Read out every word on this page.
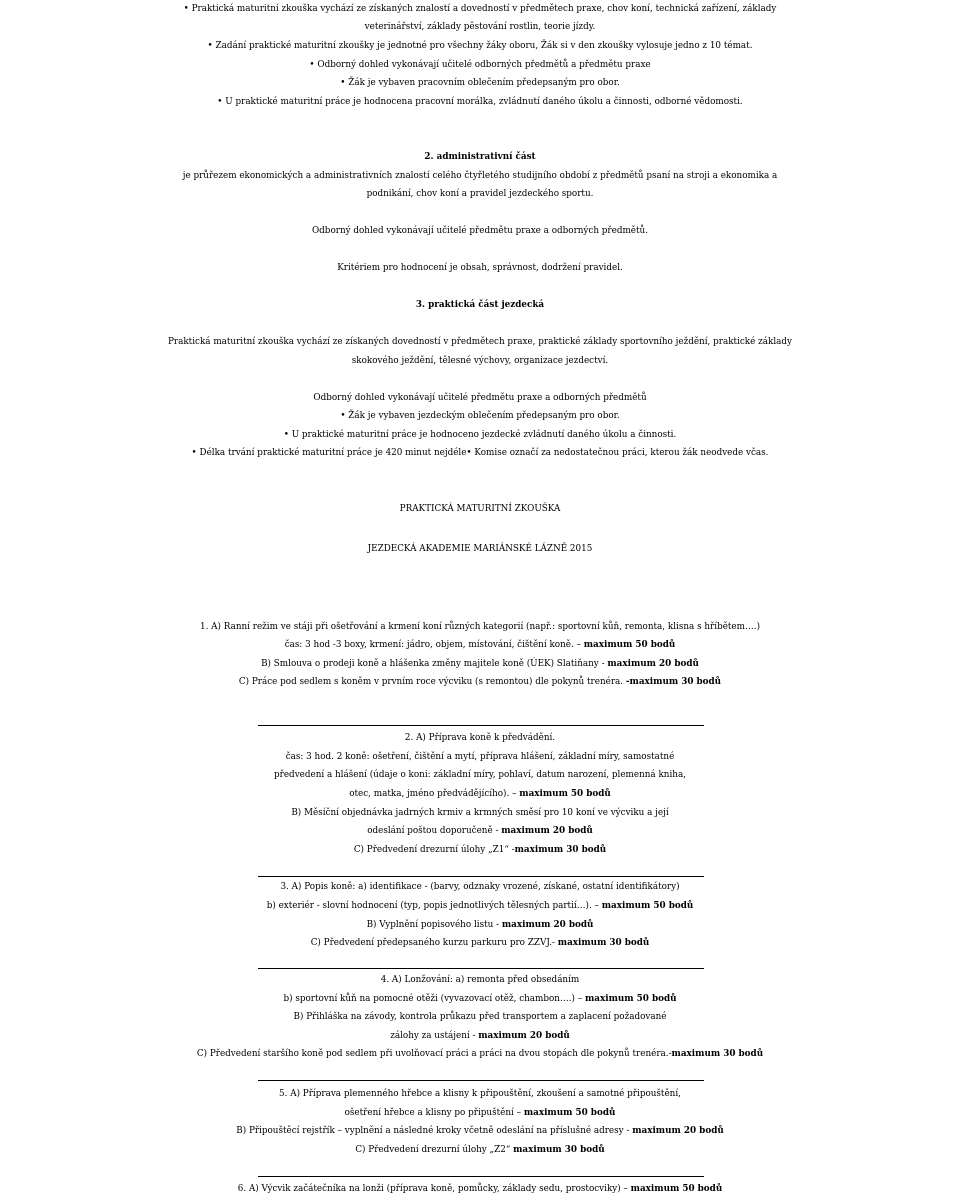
• Praktická maturitní zkouška vychází ze získaných znalostí a dovedností v předmětech praxe, chov koní, technická zařízení, základy
veterinářství, základy pěstování rostlin, teorie jízdy.
• Zadání praktické maturitní zkoušky je jednotné pro všechny žáky oboru, Žák si v den zkoušky vylosuje jedno z 10 témat.
• Odborný dohled vykonávají učitelé odborných předmětů a předmětu praxe
• Žák je vybaven pracovním oblečením předepsaným pro obor.
• U praktické maturitní práce je hodnocena pracovní morálka, zvládnutí daného úkolu a činnosti, odborné vědomosti.
2. administrativní část
je průřezem ekonomických a administrativních znalostí celého čtyřletého studijního období z předmětů psaní na stroji a ekonomika a
podnikání, chov koní a pravidel jezdeckého sportu.
Odborný dohled vykonávají učitelé předmětu praxe a odborných předmětů.
Kritériem pro hodnocení je obsah, správnost, dodržení pravidel.
3. praktická část jezdecká
Praktická maturitní zkouška vychází ze získaných dovedností v předmětech praxe, praktické základy sportovního ježdění, praktické základy
skokového ježdění, tělesné výchovy, organizace jezdectví.
Odborný dohled vykonávají učitelé předmětu praxe a odborných předmětů
• Žák je vybaven jezdeckým oblečením předepsaným pro obor.
• U praktické maturitní práce je hodnoceno jezdecké zvládnutí daného úkolu a činnosti.
• Délka trvání praktické maturitní práce je 420 minut nejdéle• Komise označí za nedostatečnou práci, kterou žák neodvede včas.
PRAKTICKÁ MATURITNÍ ZKOUŠKA
JEZDECKÁ AKADEMIE MARIÁNSKÉ LÁZNĚ 2015
1. A) Ranní režim ve stáji při ošetřování a krmení koní různých kategorií (např.: sportovní kůň, remonta, klisna s hříbětem….)
čas: 3 hod -3 boxy, krmení: jádro, objem, místování, čištění koně. – maximum 50 bodů
B) Smlouva o prodeji koně a hlášenka změny majitele koně (ÚEK) Slatiňany - maximum 20 bodů
C) Práce pod sedlem s koněm v prvním roce výcviku (s remontou) dle pokynů trenéra. -maximum 30 bodů
2. A) Příprava koně k předvádění.
čas: 3 hod. 2 koně: ošetření, čištění a mytí, příprava hlášení, základní míry, samostatné
předvedení a hlášení (údaje o koni: základní míry, pohlaví, datum narození, plemenná kniha,
otec, matka, jméno předvádějícího). – maximum 50 bodů
B) Měsíční objednávka jadrných krmiv a krmných směsí pro 10 koní ve výcviku a její
odeslání poštou doporučeně - maximum 20 bodů
C) Předvedení drezurní úlohy „Z1“ -maximum 30 bodů
3. A) Popis koně: a) identifikace - (barvy, odznaky vrozené, získané, ostatní identifikátory)
b) exteriér - slovní hodnocení (typ, popis jednotlivých tělesných partií…). – maximum 50 bodů
B) Vyplnění popisového listu - maximum 20 bodů
C) Předvedení předepsaného kurzu parkuru pro ZZVJ.- maximum 30 bodů
4. A) Lonžování: a) remonta před obsedáním
b) sportovní kůň na pomocné otěži (vyvazovací otěž, chambon….) – maximum 50 bodů
B) Přihláška na závody, kontrola průkazu před transportem a zaplacení požadované
zálohy za ustájení - maximum 20 bodů
C) Předvedení staršího koně pod sedlem při uvolňovací práci a práci na dvou stopách dle pokynů trenéra.-maximum 30 bodů
5. A) Příprava plemenného hřebce a klisny k připouštění, zkoušení a samotné připouštění,
ošetření hřebce a klisny po připuštění – maximum 50 bodů
B) Připouštěcí rejstřík – vyplnění a následné kroky včetně odeslání na příslušné adresy - maximum 20 bodů
C) Předvedení drezurní úlohy „Z2“ maximum 30 bodů
6. A) Výcvik začátečníka na lonži (příprava koně, pomůcky, základy sedu, prostocviky) – maximum 50 bodů
